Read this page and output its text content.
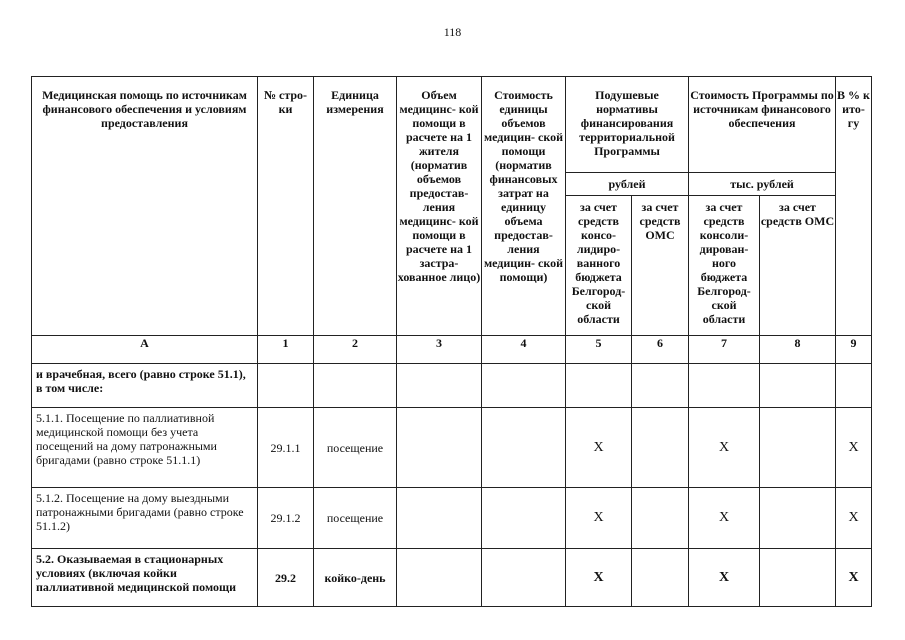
118
Медицинская помощь по источникам финансового обеспечения и условиям предоставления	№ стро- ки	Единица измерения	Объем медицинс- кой помощи в расчете на 1 жителя (норматив объемов предостав- ления медицинс- кой помощи в расчете на 1 застра- хованное лицо)	Стоимость единицы объемов медицин- ской помощи (норматив финансовых затрат на единицу объема предостав- ления медицин- ской помощи)	Подушевые нормативы финансирования территориальной Программы		Стоимость Программы по источникам финансового обеспечения		В % к ито- гу
					рублей		тыс. рублей		
					за счет средств консо- лидиро- ванного бюджета Белгород- ской области	за счет средств ОМС	за счет средств консоли- дирован- ного бюджета Белгород- ской области	за счет средств ОМС	
А	1	2	3	4	5	6	7	8	9
и врачебная, всего (равно строке 51.1), в том числе:									
5.1.1. Посещение по паллиативной медицинской помощи без учета посещений на дому патронажными бригадами (равно строке 51.1.1)	29.1.1	посещение			X		X		X
5.1.2. Посещение на дому выездными патронажными бригадами (равно строке 51.1.2)	29.1.2	посещение			X		X		X
5.2. Оказываемая в стационарных условиях (включая койки паллиативной медицинской помощи	29.2	койко-день			X		X		X
